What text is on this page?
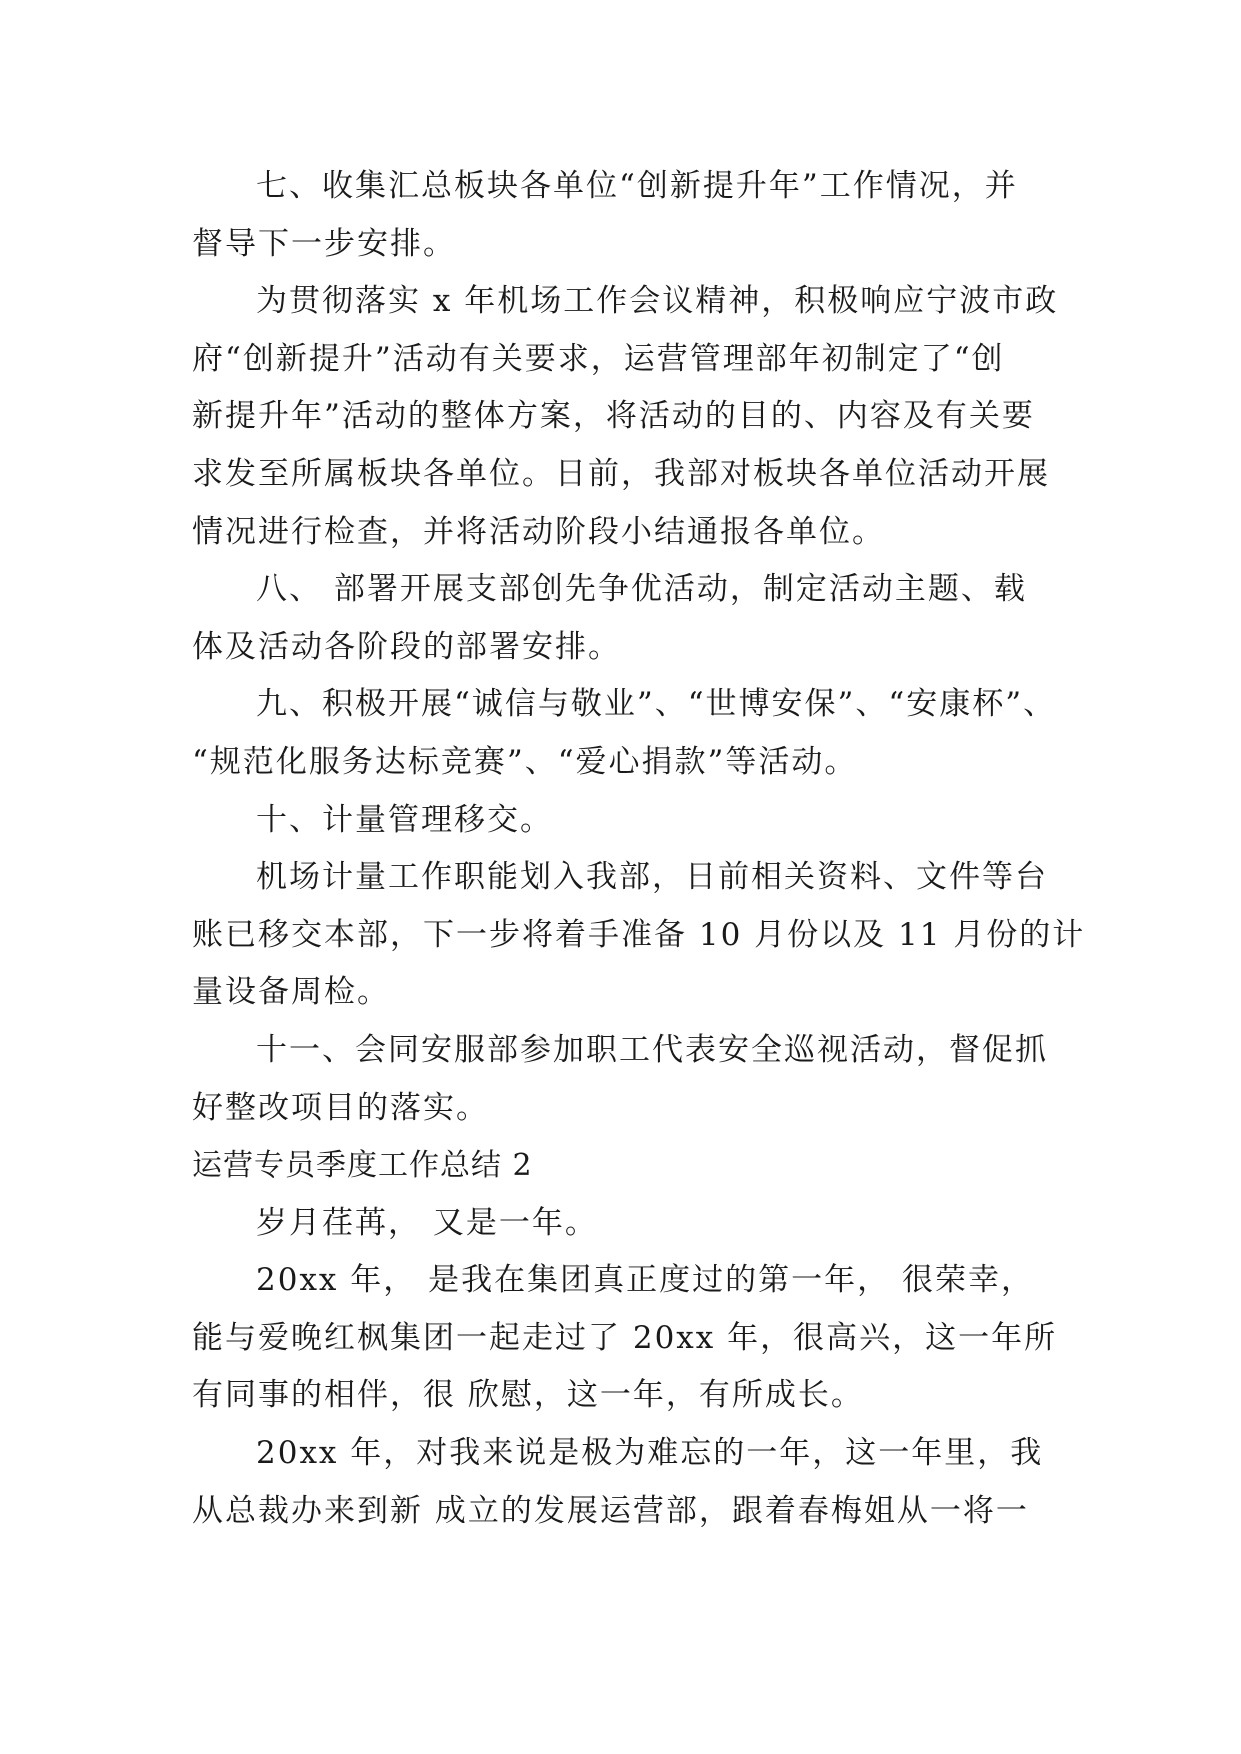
七、收集汇总板块各单位“创新提升年”工作情况，并

督导下一步安排。

为贯彻落实 x 年机场工作会议精神，积极响应宁波市政

府“创新提升”活动有关要求，运营管理部年初制定了“创

新提升年”活动的整体方案，将活动的目的、内容及有关要

求发至所属板块各单位。日前，我部对板块各单位活动开展

情况进行检查，并将活动阶段小结通报各单位。

八、 部署开展支部创先争优活动，制定活动主题、载

体及活动各阶段的部署安排。

九、积极开展“诚信与敬业”、“世博安保”、“安康杯”、

“规范化服务达标竞赛”、“爱心捐款”等活动。

十、计量管理移交。

机场计量工作职能划入我部，日前相关资料、文件等台

账已移交本部，下一步将着手准备 10 月份以及 11 月份的计

量设备周检。

十一、会同安服部参加职工代表安全巡视活动，督促抓

好整改项目的落实。

运营专员季度工作总结 2

岁月荏苒， 又是一年。

20xx 年， 是我在集团真正度过的第一年， 很荣幸，

能与爱晚红枫集团一起走过了 20xx 年，很高兴，这一年所

有同事的相伴，很 欣慰，这一年，有所成长。

20xx 年，对我来说是极为难忘的一年，这一年里，我

从总裁办来到新 成立的发展运营部，跟着春梅姐从一将一
